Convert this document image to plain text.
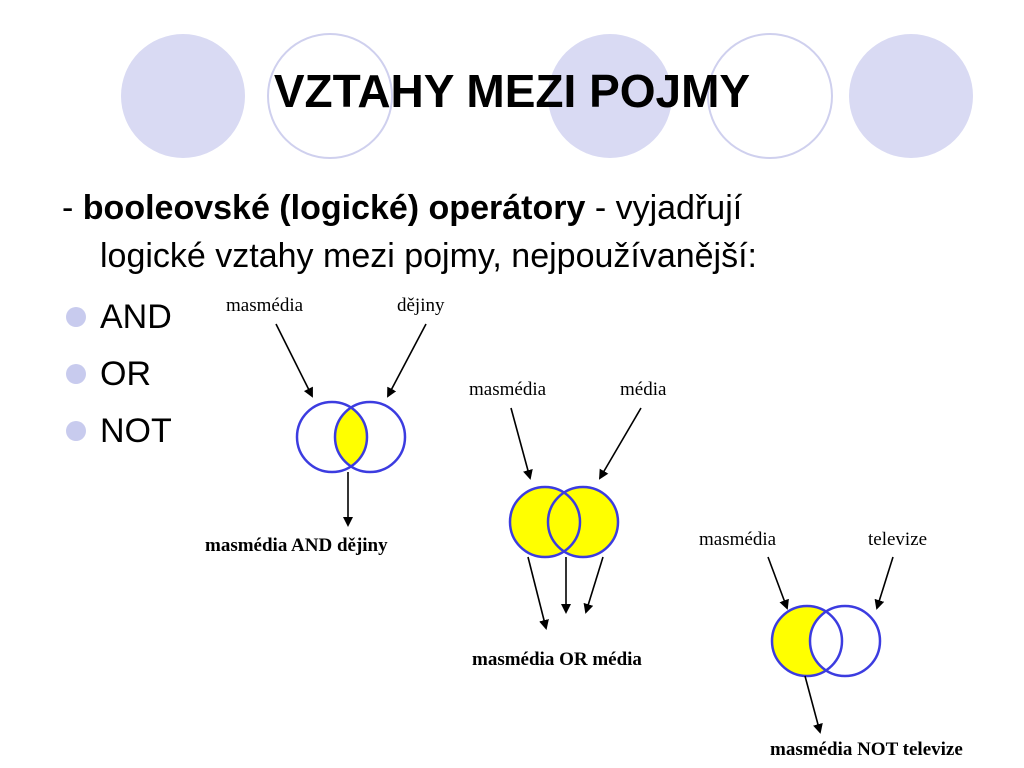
VZTAHY MEZI POJMY
- booleovské (logické) operátory - vyjadřují
logické vztahy mezi pojmy, nejpoužívanější:
AND
OR
NOT
masmédia	dějiny
masmédia AND dějiny
masmédia	média
masmédia OR média
masmédia	televize
masmédia NOT televize
